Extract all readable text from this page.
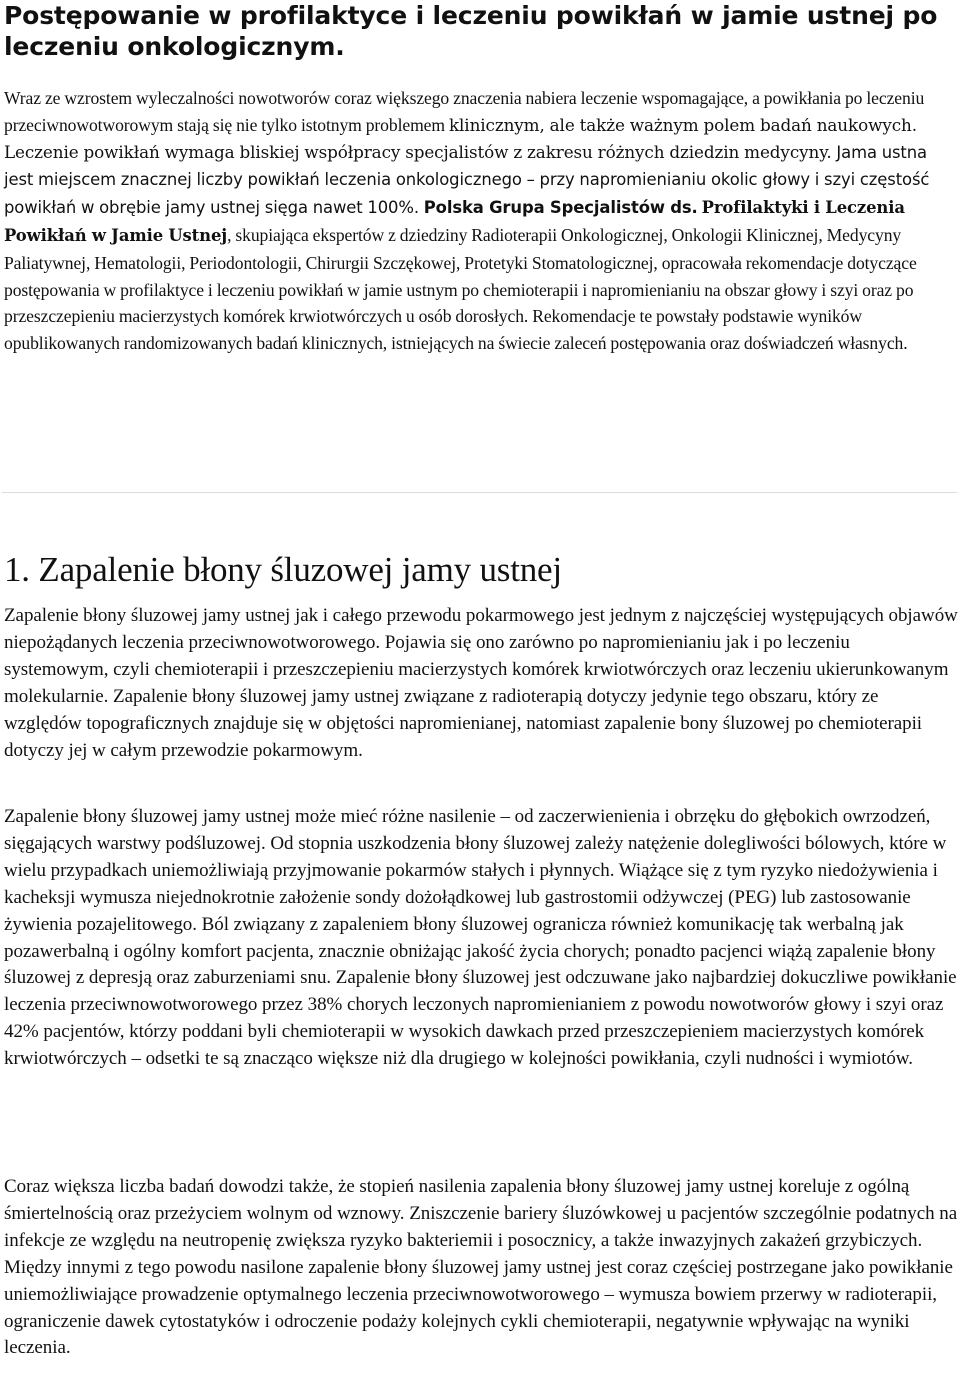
Postępowanie w profilaktyce i leczeniu powikłań w jamie ustnej po leczeniu onkologicznym.

Wraz ze wzrostem wyleczalności nowotworów coraz większego znaczenia nabiera leczenie wspomagające, a powikłania po leczeniu przeciwnowotworowym stają się nie tylko istotnym problemem klinicznym, ale także ważnym polem badań naukowych. Leczenie powikłań wymaga bliskiej współpracy specjalistów z zakresu różnych dziedzin medycyny. Jama ustna jest miejscem znacznej liczby powikłań leczenia onkologicznego – przy napromienianiu okolic głowy i szyi częstość powikłań w obrębie jamy ustnej sięga nawet 100%. Polska Grupa Specjalistów ds. Profilaktyki i Leczenia Powikłań w Jamie Ustnej, skupiająca ekspertów z dziedziny Radioterapii Onkologicznej, Onkologii Klinicznej, Medycyny Paliatywnej, Hematologii, Periodontologii, Chirurgii Szczękowej, Protetyki Stomatologicznej, opracowała rekomendacje dotyczące postępowania w profilaktyce i leczeniu powikłań w jamie ustnym po chemioterapii i napromienianiu na obszar głowy i szyi oraz po przeszczepieniu macierzystych komórek krwiotwórczych u osób dorosłych. Rekomendacje te powstały podstawie wyników opublikowanych randomizowanych badań klinicznych, istniejących na świecie zaleceń postępowania oraz doświadczeń własnych.

1. Zapalenie błony śluzowej jamy ustnej

Zapalenie błony śluzowej jamy ustnej jak i całego przewodu pokarmowego jest jednym z najczęściej występujących objawów niepożądanych leczenia przeciwnowotworowego. Pojawia się ono zarówno po napromienianiu jak i po leczeniu systemowym, czyli chemioterapii i przeszczepieniu macierzystych komórek krwiotwórczych oraz leczeniu ukierunkowanym molekularnie. Zapalenie błony śluzowej jamy ustnej związane z radioterapią dotyczy jedynie tego obszaru, który ze względów topograficznych znajduje się w objętości napromienianej, natomiast zapalenie bony śluzowej po chemioterapii dotyczy jej w całym przewodzie pokarmowym.

Zapalenie błony śluzowej jamy ustnej może mieć różne nasilenie – od zaczerwienienia i obrzęku do głębokich owrzodzeń, sięgających warstwy podśluzowej. Od stopnia uszkodzenia błony śluzowej zależy natężenie dolegliwości bólowych, które w wielu przypadkach uniemożliwiają przyjmowanie pokarmów stałych i płynnych. Wiążące się z tym ryzyko niedożywienia i kacheksji wymusza niejednokrotnie założenie sondy dożołądkowej lub gastrostomii odżywczej (PEG) lub zastosowanie żywienia pozajelitowego. Ból związany z zapaleniem błony śluzowej ogranicza również komunikację tak werbalną jak pozawerbalną i ogólny komfort pacjenta, znacznie obniżając jakość życia chorych; ponadto pacjenci wiążą zapalenie błony śluzowej z depresją oraz zaburzeniami snu. Zapalenie błony śluzowej jest odczuwane jako najbardziej dokuczliwe powikłanie leczenia przeciwnowotworowego przez 38% chorych leczonych napromienianiem z powodu nowotworów głowy i szyi oraz 42% pacjentów, którzy poddani byli chemioterapii w wysokich dawkach przed przeszczepieniem macierzystych komórek krwiotwórczych – odsetki te są znacząco większe niż dla drugiego w kolejności powikłania, czyli nudności i wymiotów.

Coraz większa liczba badań dowodzi także, że stopień nasilenia zapalenia błony śluzowej jamy ustnej koreluje z ogólną śmiertelnością oraz przeżyciem wolnym od wznowy. Zniszczenie bariery śluzówkowej u pacjentów szczególnie podatnych na infekcje ze względu na neutropenię zwiększa ryzyko bakteriemii i posocznicy, a także inwazyjnych zakażeń grzybiczych. Między innymi z tego powodu nasilone zapalenie błony śluzowej jamy ustnej jest coraz częściej postrzegane jako powikłanie uniemożliwiające prowadzenie optymalnego leczenia przeciwnowotworowego – wymusza bowiem przerwy w radioterapii, ograniczenie dawek cytostatyków i odroczenie podaży kolejnych cykli chemioterapii, negatywnie wpływając na wyniki leczenia.
